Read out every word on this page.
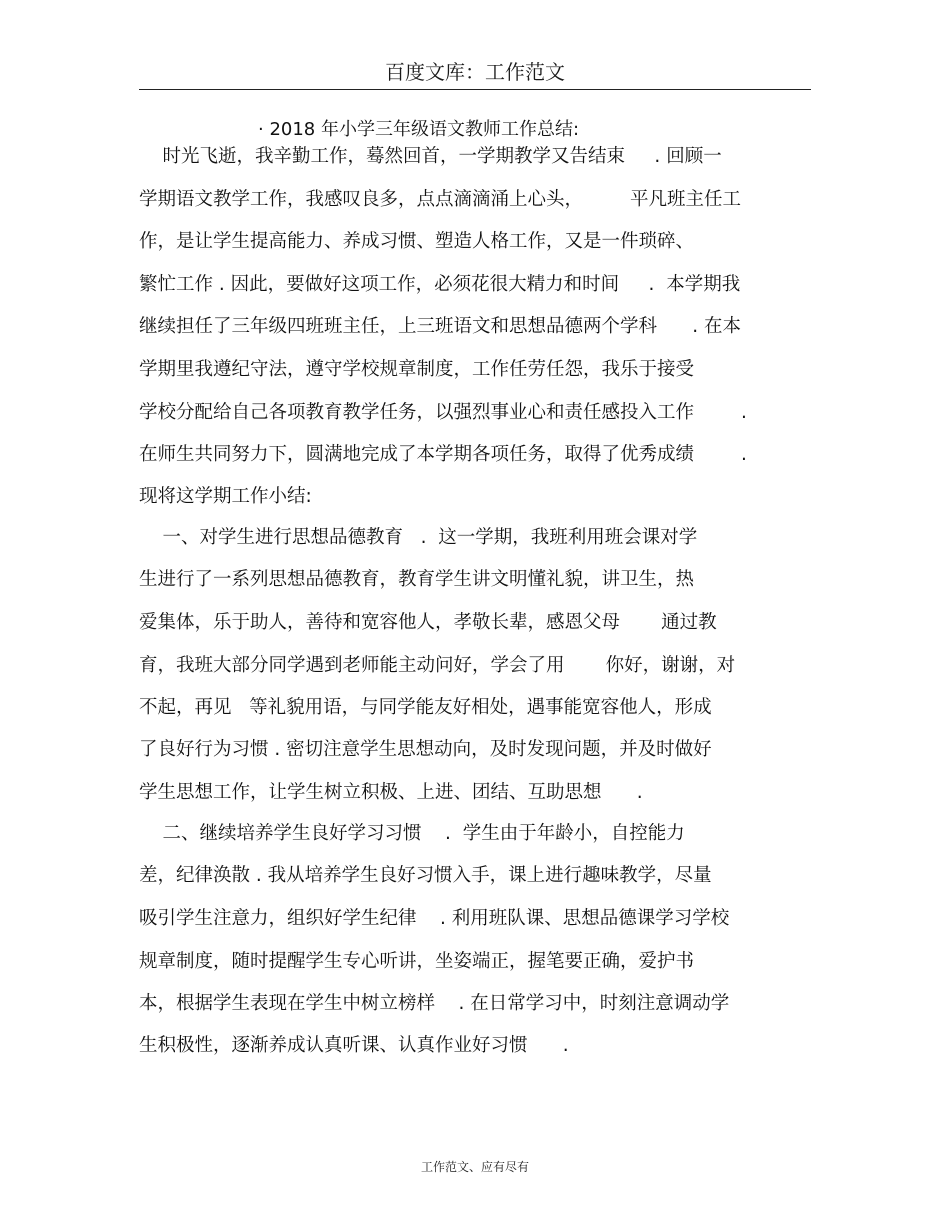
百度文库：工作范文
· 2018 年小学三年级语文教师工作总结:
时光飞逝，我辛勤工作，蓦然回首，一学期教学又告结束     . 回顾一
学期语文教学工作，我感叹良多，点点滴滴涌上心头，        平凡班主任工
作，是让学生提高能力、养成习惯、塑造人格工作，又是一件琐碎、
繁忙工作 . 因此，要做好这项工作，必须花很大精力和时间     .  本学期我
继续担任了三年级四班班主任，上三班语文和思想品德两个学科      . 在本
学期里我遵纪守法，遵守学校规章制度，工作任劳任怨，我乐于接受
学校分配给自己各项教育教学任务，以强烈事业心和责任感投入工作        .
在师生共同努力下，圆满地完成了本学期各项任务，取得了优秀成绩        .
现将这学期工作小结:
一、对学生进行思想品德教育   .  这一学期，我班利用班会课对学
生进行了一系列思想品德教育，教育学生讲文明懂礼貌，讲卫生，热
爱集体，乐于助人，善待和宽容他人，孝敬长辈，感恩父母       通过教
育，我班大部分同学遇到老师能主动问好，学会了用       你好，谢谢，对
不起，再见   等礼貌用语，与同学能友好相处，遇事能宽容他人，形成
了良好行为习惯 . 密切注意学生思想动向，及时发现问题，并及时做好
学生思想工作，让学生树立积极、上进、团结、互助思想      .
二、继续培养学生良好学习习惯    .  学生由于年龄小，自控能力
差，纪律涣散 . 我从培养学生良好习惯入手，课上进行趣味教学，尽量
吸引学生注意力，组织好学生纪律    . 利用班队课、思想品德课学习学校
规章制度，随时提醒学生专心听讲，坐姿端正，握笔要正确，爱护书
本，根据学生表现在学生中树立榜样    . 在日常学习中，时刻注意调动学
生积极性，逐渐养成认真听课、认真作业好习惯      .
工作范文、应有尽有
